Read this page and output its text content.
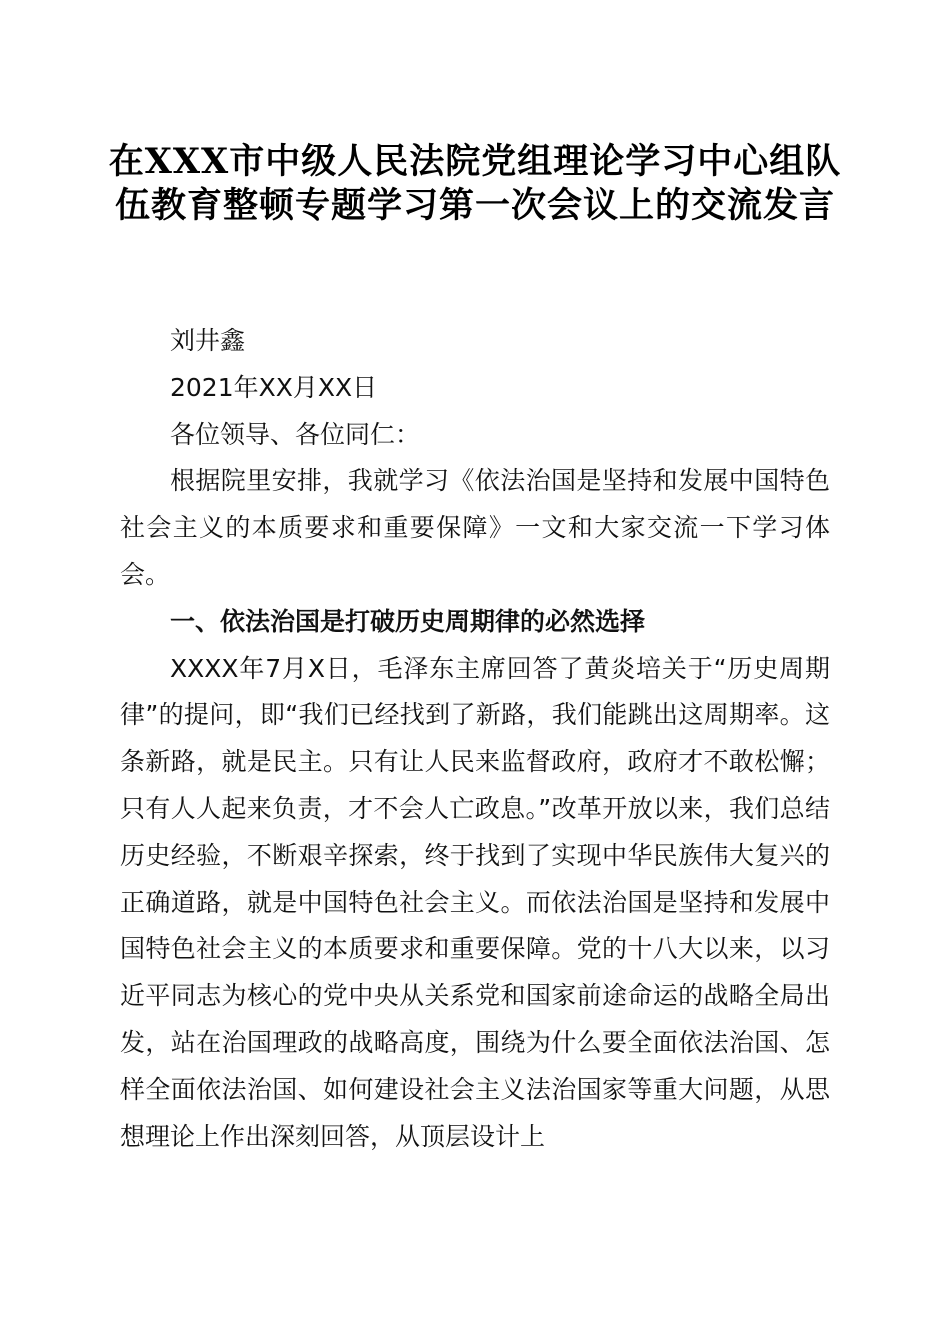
在XXX市中级人民法院党组理论学习中心组队伍教育整顿专题学习第一次会议上的交流发言

刘井鑫

2021年XX月XX日

各位领导、各位同仁：

根据院里安排，我就学习《依法治国是坚持和发展中国特色社会主义的本质要求和重要保障》一文和大家交流一下学习体会。

一、依法治国是打破历史周期律的必然选择

XXXX年7月X日，毛泽东主席回答了黄炎培关于“历史周期律”的提问，即“我们已经找到了新路，我们能跳出这周期率。这条新路，就是民主。只有让人民来监督政府，政府才不敢松懈；只有人人起来负责，才不会人亡政息。”改革开放以来，我们总结历史经验，不断艰辛探索，终于找到了实现中华民族伟大复兴的正确道路，就是中国特色社会主义。而依法治国是坚持和发展中国特色社会主义的本质要求和重要保障。党的十八大以来，以习近平同志为核心的党中央从关系党和国家前途命运的战略全局出发，站在治国理政的战略高度，围绕为什么要全面依法治国、怎样全面依法治国、如何建设社会主义法治国家等重大问题，从思想理论上作出深刻回答，从顶层设计上
